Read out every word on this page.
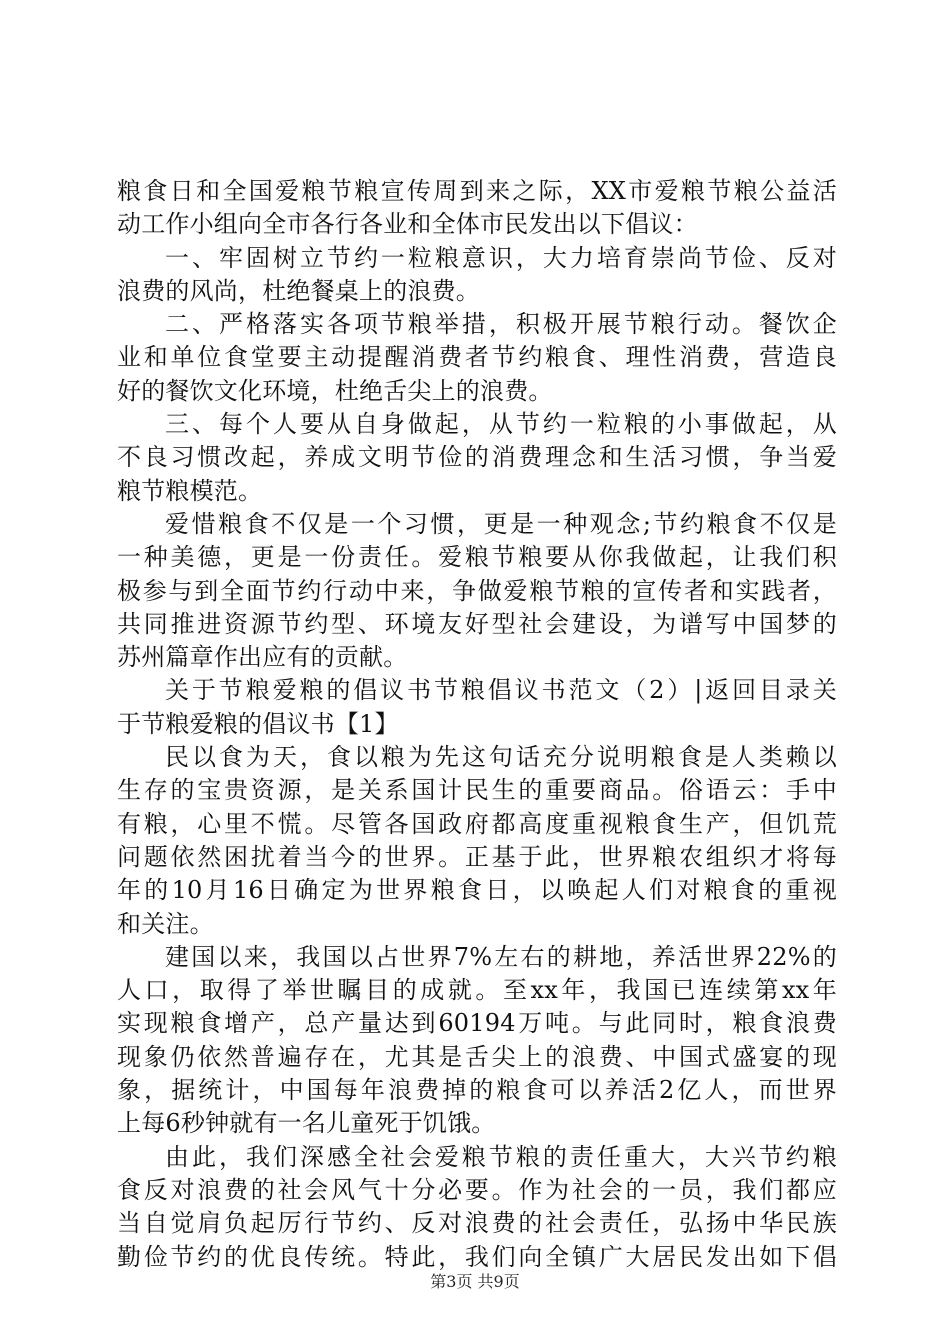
粮食日和全国爱粮节粮宣传周到来之际，XX市爱粮节粮公益活
动工作小组向全市各行各业和全体市民发出以下倡议：
一、牢固树立节约一粒粮意识，大力培育崇尚节俭、反对
浪费的风尚，杜绝餐桌上的浪费。
二、严格落实各项节粮举措，积极开展节粮行动。餐饮企
业和单位食堂要主动提醒消费者节约粮食、理性消费，营造良
好的餐饮文化环境，杜绝舌尖上的浪费。
三、每个人要从自身做起，从节约一粒粮的小事做起，从
不良习惯改起，养成文明节俭的消费理念和生活习惯，争当爱
粮节粮模范。
爱惜粮食不仅是一个习惯，更是一种观念;节约粮食不仅是
一种美德，更是一份责任。爱粮节粮要从你我做起，让我们积
极参与到全面节约行动中来，争做爱粮节粮的宣传者和实践者，
共同推进资源节约型、环境友好型社会建设，为谱写中国梦的
苏州篇章作出应有的贡献。
关于节粮爱粮的倡议书节粮倡议书范文（2）|返回目录关
于节粮爱粮的倡议书【1】
民以食为天，食以粮为先这句话充分说明粮食是人类赖以
生存的宝贵资源，是关系国计民生的重要商品。俗语云：手中
有粮，心里不慌。尽管各国政府都高度重视粮食生产，但饥荒
问题依然困扰着当今的世界。正基于此，世界粮农组织才将每
年的10月16日确定为世界粮食日，以唤起人们对粮食的重视
和关注。
建国以来，我国以占世界7%左右的耕地，养活世界22%的
人口，取得了举世瞩目的成就。至xx年，我国已连续第xx年
实现粮食增产，总产量达到60194万吨。与此同时，粮食浪费
现象仍依然普遍存在，尤其是舌尖上的浪费、中国式盛宴的现
象，据统计，中国每年浪费掉的粮食可以养活2亿人，而世界
上每6秒钟就有一名儿童死于饥饿。
由此，我们深感全社会爱粮节粮的责任重大，大兴节约粮
食反对浪费的社会风气十分必要。作为社会的一员，我们都应
当自觉肩负起厉行节约、反对浪费的社会责任，弘扬中华民族
勤俭节约的优良传统。特此，我们向全镇广大居民发出如下倡
第3页 共9页
